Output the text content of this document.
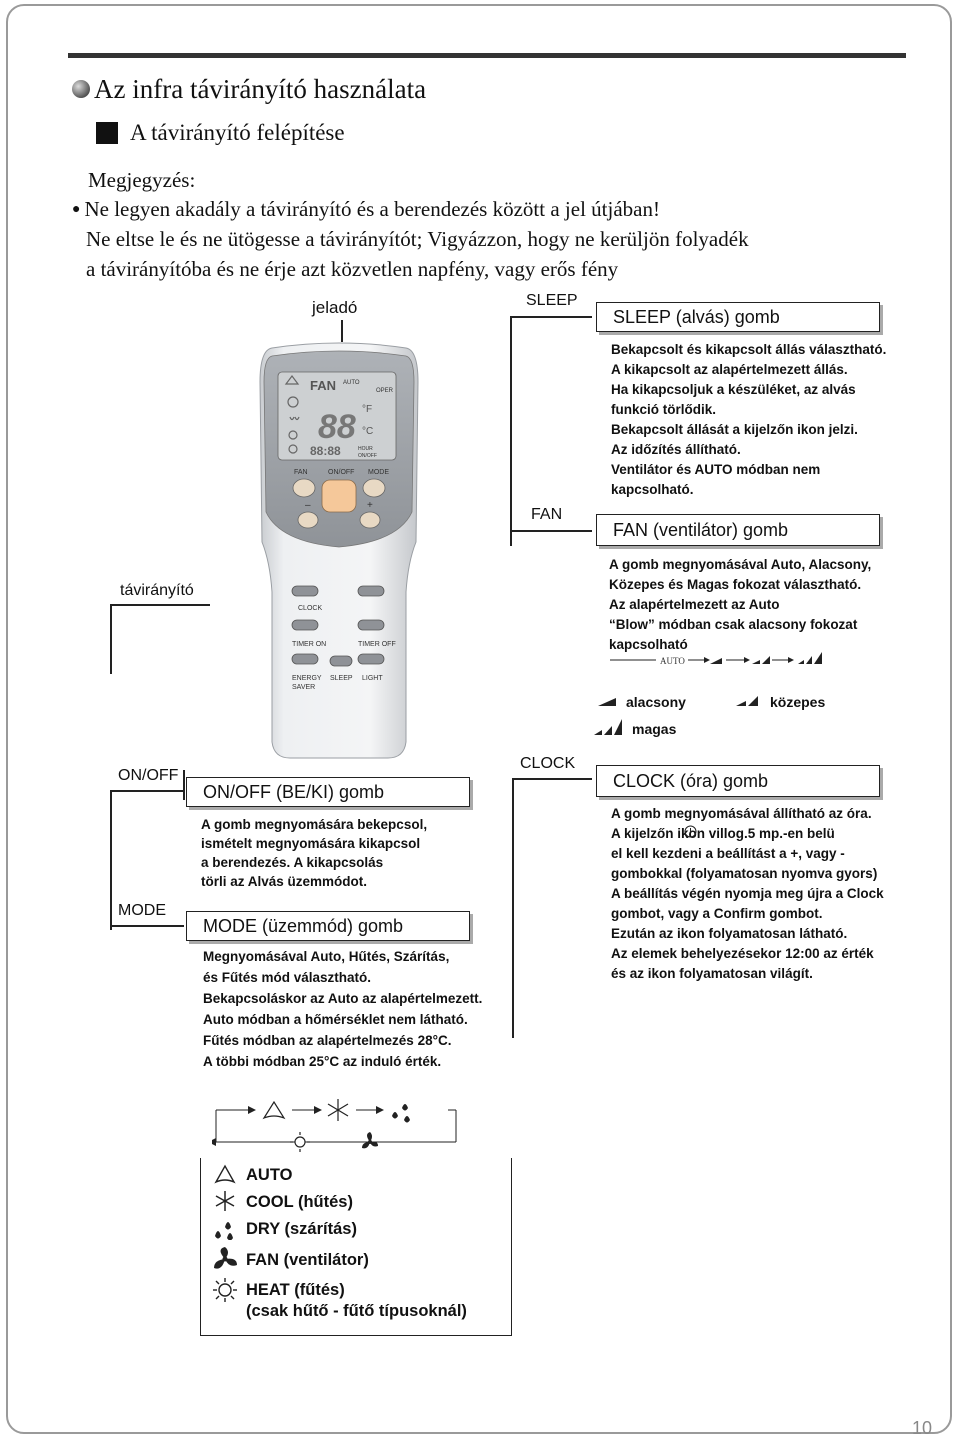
Az infra távirányító használata
A távirányító felépítése
Megjegyzés:
● Ne legyen akadály a távirányító és a berendezés között a jel útjában!
Ne eltse le és ne ütögesse a távirányítót; Vigyázzon, hogy ne kerüljön folyadék
a távirányítóba és ne érje azt közvetlen napfény, vagy erős fény
jeladó
távirányító
SLEEP
FAN
ON/OFF
MODE
CLOCK
FAN AUTO
OPER
88 °F
°C
88:88	HOUR
ON/OFF
FAN	ON/OFF MODE
–	+
CLOCK
TIMER ON	TIMER OFF
ENERGY
SAVER
SLEEP LIGHT
SLEEP (alvás) gomb
Bekapcsolt és kikapcsolt állás választható.
A kikapcsolt az alapértelmezett állás.
Ha kikapcsoljuk a készüléket, az alvás
funkció törlődik.
Bekapcsolt állását a kijelzőn ikon jelzi.
Az időzítés állítható.
Ventilátor és AUTO módban nem
kapcsolható.
FAN (ventilátor) gomb
A gomb megnyomásával Auto, Alacsony,
Közepes és Magas fokozat választható.
Az alapértelmezett az Auto
“Blow” módban csak alacsony fokozat
kapcsolható
AUTO
alacsony	közepes
magas
ON/OFF (BE/KI) gomb
A gomb megnyomására bekepcsol,
ismételt megnyomására kikapcsol
a berendezés. A kikapcsolás
törli az Alvás üzemmódot.
MODE (üzemmód) gomb
Megnyomásával Auto, Hűtés, Szárítás,
és Fűtés mód választható.
Bekapcsoláskor az Auto az alapértelmezett.
Auto módban a hőmérséklet nem látható.
Fűtés módban az alapértelmezés 28°C.
A többi módban 25°C az induló érték.
CLOCK (óra) gomb
A gomb megnyomásával állítható az óra.
A kijelzőn ikon villog.5 mp.-en belü
el kell kezdeni a beállítást a +, vagy -
gombokkal (folyamatosan nyomva gyors)
A beállítás végén nyomja meg újra a Clock
gombot, vagy a Confirm gombot.
Ezután az ikon folyamatosan látható.
Az elemek behelyezésekor 12:00 az érték
és az ikon folyamatosan világít.
AUTO
COOL (hűtés)
DRY (szárítás)
FAN (ventilátor)
HEAT (fűtés)
(csak hűtő - fűtő típusoknál)
10
